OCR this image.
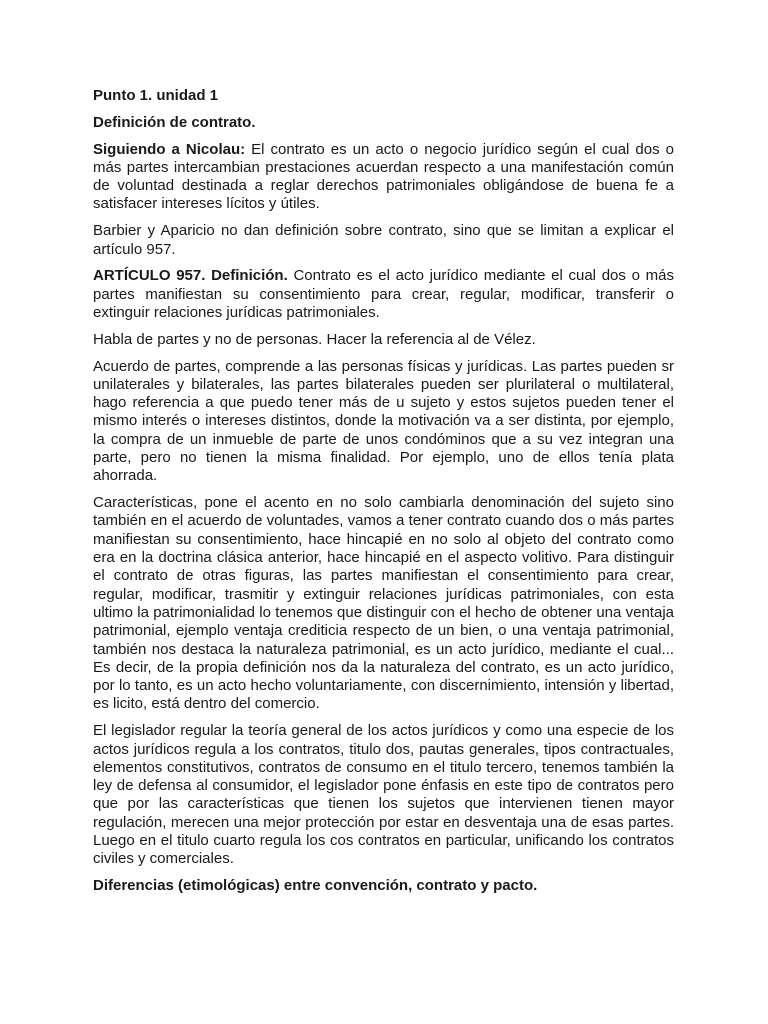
Punto 1. unidad 1

Definición de contrato.

Siguiendo a Nicolau: El contrato es un acto o negocio jurídico según el cual dos o más partes intercambian prestaciones acuerdan respecto a una manifestación común de voluntad destinada a reglar derechos patrimoniales obligándose de buena fe a satisfacer intereses lícitos y útiles.

Barbier y Aparicio no dan definición sobre contrato, sino que se limitan a explicar el artículo 957.

ARTÍCULO 957. Definición. Contrato es el acto jurídico mediante el cual dos o más partes manifiestan su consentimiento para crear, regular, modificar, transferir o extinguir relaciones jurídicas patrimoniales.

Habla de partes y no de personas. Hacer la referencia al de Vélez.

Acuerdo de partes, comprende a las personas físicas y jurídicas. Las partes pueden sr unilaterales y bilaterales, las partes bilaterales pueden ser plurilateral o multilateral, hago referencia a que puedo tener más de u sujeto y estos sujetos pueden tener el mismo interés o intereses distintos, donde la motivación va a ser distinta, por ejemplo, la compra de un inmueble de parte de unos condóminos que a su vez integran una parte, pero no tienen la misma finalidad. Por ejemplo, uno de ellos tenía plata ahorrada.

Características, pone el acento en no solo cambiarla denominación del sujeto sino también en el acuerdo de voluntades, vamos a tener contrato cuando dos o más partes manifiestan su consentimiento, hace hincapié en no solo al objeto del contrato como era en la doctrina clásica anterior, hace hincapié en el aspecto volitivo. Para distinguir el contrato de otras figuras, las partes manifiestan el consentimiento para crear, regular, modificar, trasmitir y extinguir relaciones jurídicas patrimoniales, con esta ultimo la patrimonialidad lo tenemos que distinguir con el hecho de obtener una ventaja patrimonial, ejemplo ventaja crediticia respecto de un bien, o una ventaja patrimonial, también nos destaca la naturaleza patrimonial, es un acto jurídico, mediante el cual... Es decir, de la propia definición nos da la naturaleza del contrato, es un acto jurídico, por lo tanto, es un acto hecho voluntariamente, con discernimiento, intensión y libertad, es licito, está dentro del comercio.

El legislador regular la teoría general de los actos jurídicos y como una especie de los actos jurídicos regula a los contratos, titulo dos, pautas generales, tipos contractuales, elementos constitutivos, contratos de consumo en el titulo tercero, tenemos también la ley de defensa al consumidor, el legislador pone énfasis en este tipo de contratos pero que por las características que tienen los sujetos que intervienen tienen mayor regulación, merecen una mejor protección por estar en desventaja una de esas partes. Luego en el titulo cuarto regula los cos contratos en particular, unificando los contratos civiles y comerciales.

Diferencias (etimológicas) entre convención, contrato y pacto.
